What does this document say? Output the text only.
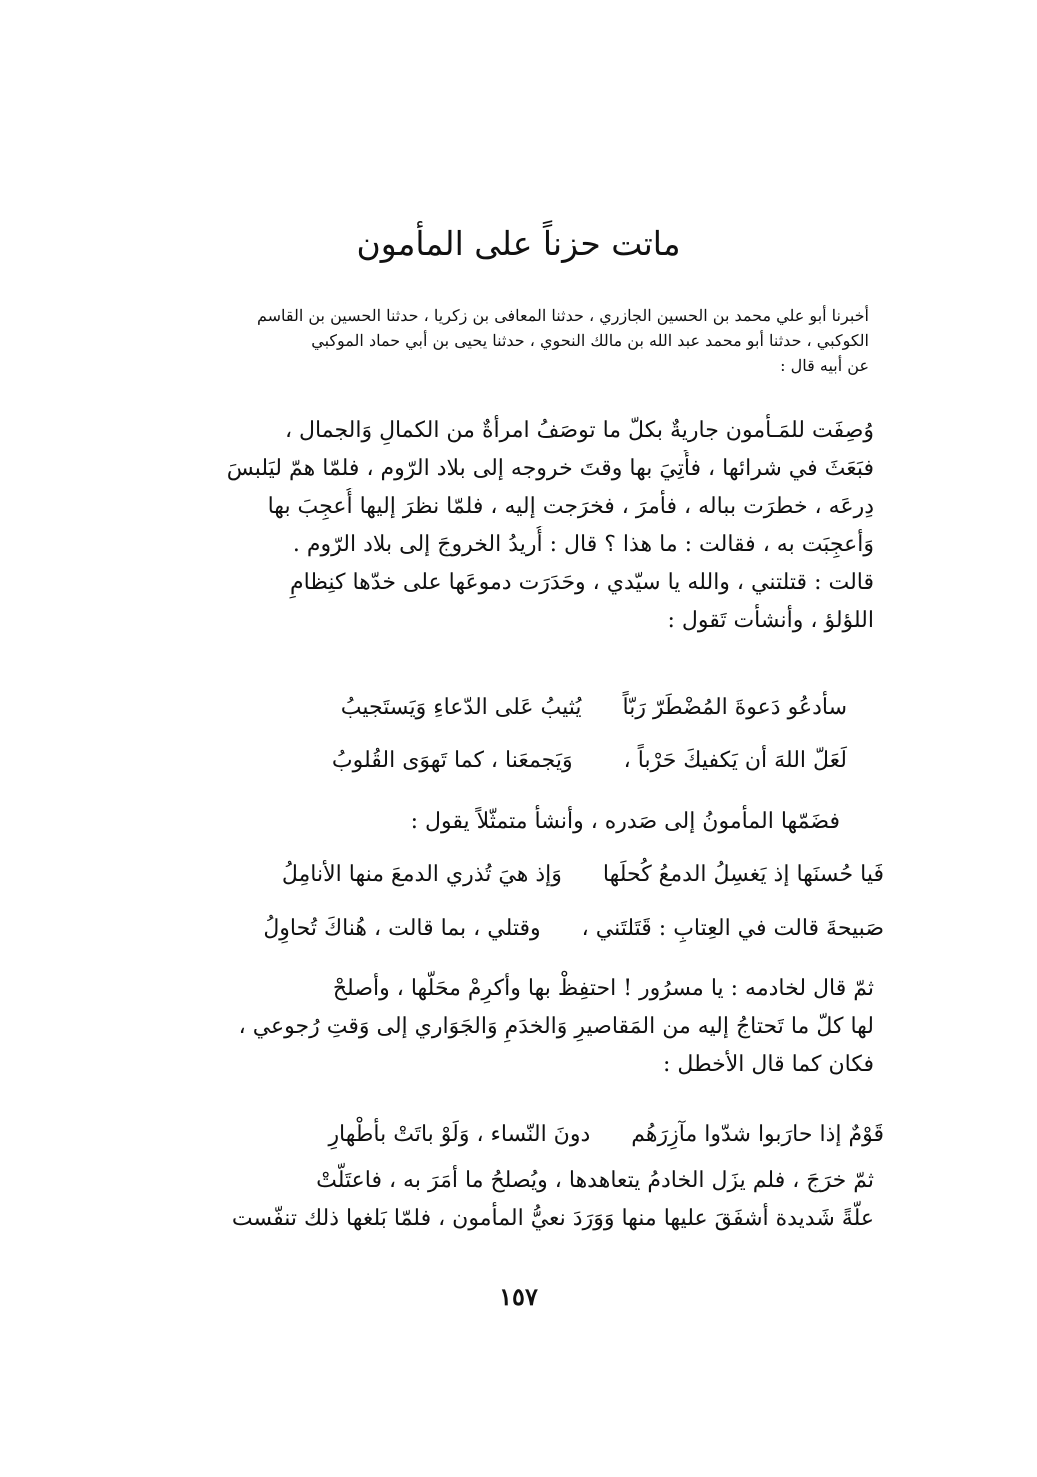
ماتت حزناً على المأمون
أخبرنا أبو علي محمد بن الحسين الجازري ، حدثنا المعافى بن زكريا ، حدثنا الحسين بن القاسم
الكوكبي ، حدثنا أبو محمد عبد الله بن مالك النحوي ، حدثنا يحيى بن أبي حماد الموكبي
عن أبيه قال :
وُصِفَت للمَـأمون جاريةٌ بكلّ ما توصَفُ امرأةٌ من الكمالِ وَالجمال ،
فبَعَثَ في شرائها ، فأُتِيَ بها وقتَ خروجه إلى بلاد الرّوم ، فلمّا همّ ليَلبسَ
دِرعَه ، خطرَت بباله ، فأمرَ ، فخرَجت إليه ، فلمّا نظرَ إليها أُعجِبَ بها
وَأعجِبَت به ، فقالت : ما هذا ؟ قال : أُريدُ الخروجَ إلى بلاد الرّوم .
قالت : قتلتني ، والله يا سيّدي ، وحَدَرَت دموعَها على خدّها كنِظامِ
اللؤلؤ ، وأنشأت تَقول :
سأدعُو دَعوةَ المُضْطَرّ رَبّاً يُثيبُ عَلى الدّعاءِ وَيَستَجيبُ
لَعَلّ اللهَ أن يَكفيكَ حَرْباً ، وَيَجمعَنا ، كما تَهوَى القُلوبُ
فضَمّها المأمونُ إلى صَدره ، وأنشأ متمثّلاً يقول :
فَيا حُسنَها إذ يَغسِلُ الدمعُ كُحلَها وَإذ هيَ تُذري الدمعَ منها الأنامِلُ
صَبيحةَ قالت في العِتابِ : قَتَلتَني ، وقتلي ، بما قالت ، هُناكَ تُحاوِلُ
ثمّ قال لخادمه : يا مسرُور ! احتفِظْ بها وأكرِمْ محَلّها ، وأصلحْ
لها كلّ ما تَحتاجُ إليه من المَقاصيرِ وَالخدَمِ وَالجَوَاري إلى وَقتِ رُجوعي ،
فكان كما قال الأخطل :
قَوْمٌ إذا حارَبوا شدّوا مآزِرَهُم دونَ النّساء ، وَلَوْ باتَتْ بأطْهارِ
ثمّ خرَجَ ، فلم يزَل الخادمُ يتعاهدها ، ويُصلحُ ما أمَرَ به ، فاعتَلّتْ
علّةً شَديدة أشفَقَ عليها منها وَوَرَدَ نعيُّ المأمون ، فلمّا بَلغها ذلك تنفّست
١٥٧
